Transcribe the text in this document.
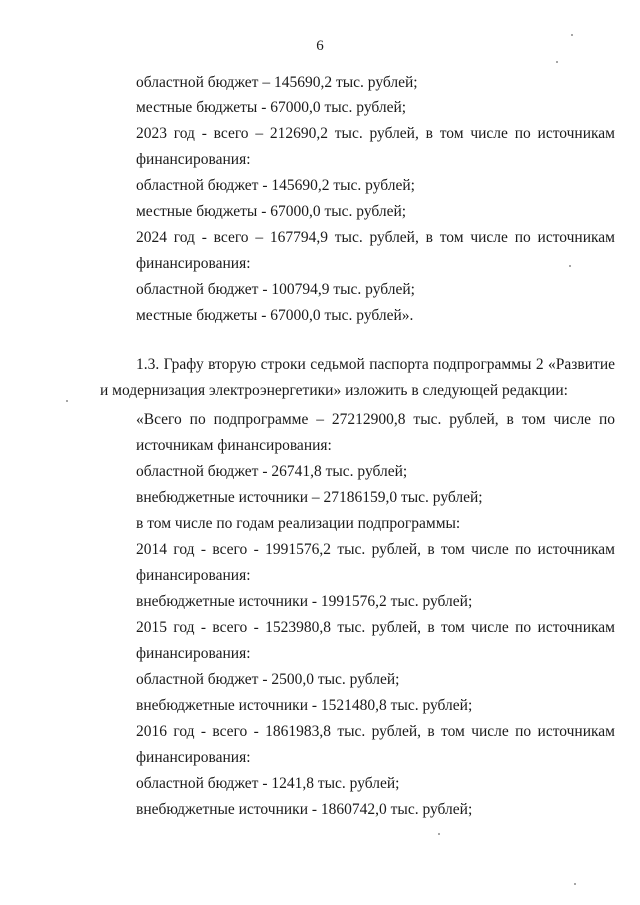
6
областной бюджет – 145690,2 тыс. рублей;
местные бюджеты - 67000,0 тыс. рублей;
2023 год - всего – 212690,2 тыс. рублей, в том числе по источникам
финансирования:
областной бюджет - 145690,2 тыс. рублей;
местные бюджеты - 67000,0 тыс. рублей;
2024 год - всего – 167794,9 тыс. рублей, в том числе по источникам
финансирования:
областной бюджет - 100794,9 тыс. рублей;
местные бюджеты - 67000,0 тыс. рублей».
1.3. Графу вторую строки седьмой паспорта подпрограммы 2 «Развитие
и модернизация электроэнергетики» изложить в следующей редакции:
«Всего по подпрограмме – 27212900,8 тыс. рублей, в том числе по
источникам финансирования:
областной бюджет - 26741,8 тыс. рублей;
внебюджетные источники – 27186159,0 тыс. рублей;
в том числе по годам реализации подпрограммы:
2014 год - всего - 1991576,2 тыс. рублей, в том числе по источникам
финансирования:
внебюджетные источники - 1991576,2 тыс. рублей;
2015 год - всего - 1523980,8 тыс. рублей, в том числе по источникам
финансирования:
областной бюджет - 2500,0 тыс. рублей;
внебюджетные источники - 1521480,8 тыс. рублей;
2016 год - всего - 1861983,8 тыс. рублей, в том числе по источникам
финансирования:
областной бюджет - 1241,8 тыс. рублей;
внебюджетные источники - 1860742,0 тыс. рублей;
